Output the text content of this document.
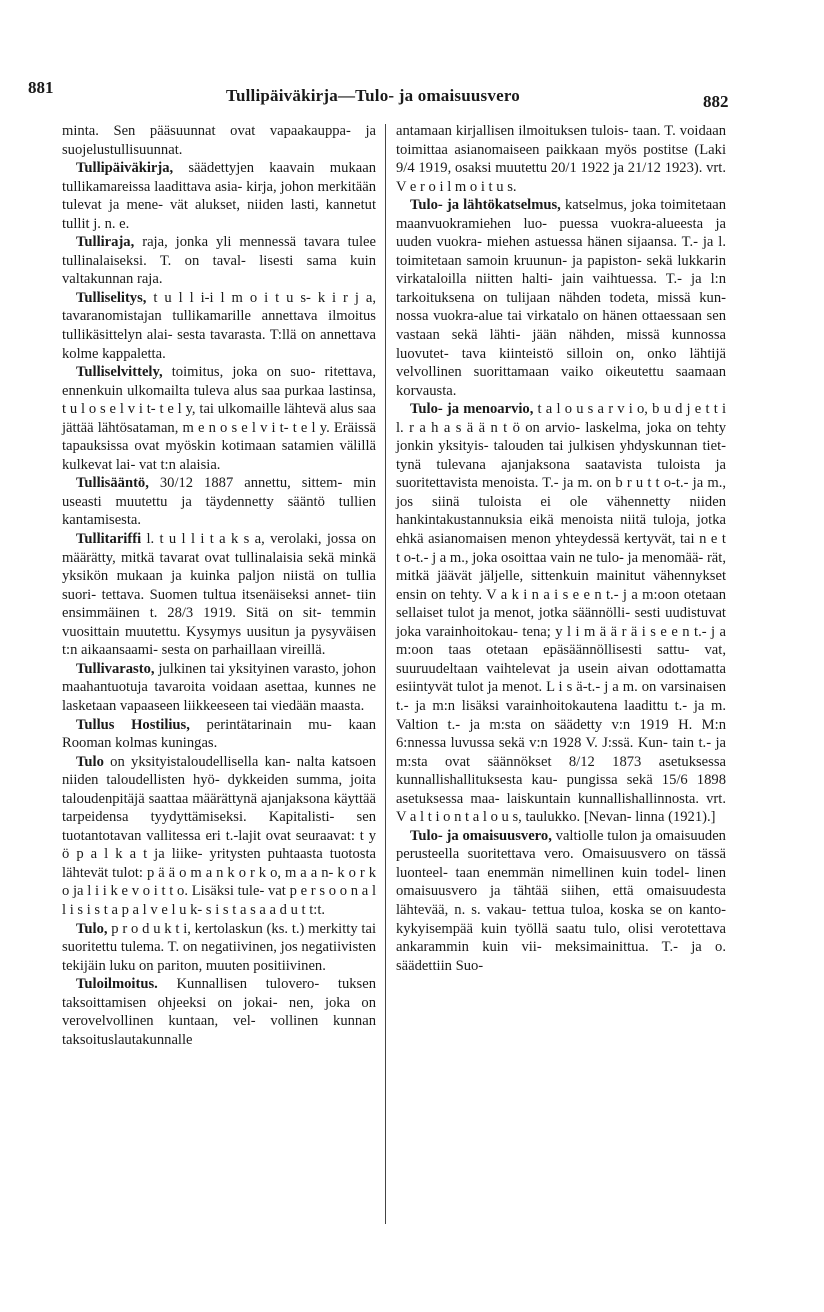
881	Tullipäiväkirja—Tulo- ja omaisuusvero	882

minta. Sen pääsuunnat ovat vapaakauppa- ja suojelustullisuunnat.

Tullipäiväkirja, säädettyjen kaavain mukaan tullikamareissa laadittava asia- kirja, johon merkitään tulevat ja mene- vät alukset, niiden lasti, kannetut tullit j. n. e.

Tulliraja, raja, jonka yli mennessä tavara tulee tullinalaiseksi. T. on taval- lisesti sama kuin valtakunnan raja.

Tulliselitys, t u l l i-i l m o i t u s- k i r j a, tavaranomistajan tullikamarille annettava ilmoitus tullikäsittelyn alai- sesta tavarasta. T:llä on annettava kolme kappaletta.

Tulliselvittely, toimitus, joka on suo- ritettava, ennenkuin ulkomailta tuleva alus saa purkaa lastinsa, t u l o s e l v i t- t e l y, tai ulkomaille lähtevä alus saa jättää lähtösataman, m e n o s e l v i t- t e l y. Eräissä tapauksissa ovat myöskin kotimaan satamien välillä kulkevat lai- vat t:n alaisia.

Tullisääntö, 30/12 1887 annettu, sittem- min useasti muutettu ja täydennetty sääntö tullien kantamisesta.

Tullitariffi l. t u l l i t a k s a, verolaki, jossa on määrätty, mitkä tavarat ovat tullinalaisia sekä minkä yksikön mukaan ja kuinka paljon niistä on tullia suori- tettava. Suomen tultua itsenäiseksi annet- tiin ensimmäinen t. 28/3 1919. Sitä on sit- temmin vuosittain muutettu. Kysymys uusitun ja pysyväisen t:n aikaansaami- sesta on parhaillaan vireillä.

Tullivarasto, julkinen tai yksityinen varasto, johon maahantuotuja tavaroita voidaan asettaa, kunnes ne lasketaan vapaaseen liikkeeseen tai viedään maasta.

Tullus Hostilius, perintätarinain mu- kaan Rooman kolmas kuningas.

Tulo on yksityistaloudellisella kan- nalta katsoen niiden taloudellisten hyö- dykkeiden summa, joita taloudenpitäjä saattaa määrättynä ajanjaksona käyttää tarpeidensa tyydyttämiseksi. Kapitalisti- sen tuotantotavan vallitessa eri t.-lajit ovat seuraavat: t y ö p a l k a t ja liike- yritysten puhtaasta tuotosta lähtevät tulot: p ä ä o m a n k o r k o, m a a n- k o r k o ja l i i k e v o i t t o. Lisäksi tule- vat p e r s o o n a l l i s i s t a p a l v e l u k- s i s t a s a a d u t t:t.

Tulo, p r o d u k t i, kertolaskun (ks. t.) merkitty tai suoritettu tulema. T. on negatiivinen, jos negatiivisten tekijäin luku on pariton, muuten positiivinen.

Tuloilmoitus. Kunnallisen tulovero- tuksen taksoittamisen ohjeeksi on jokai- nen, joka on verovelvollinen kuntaan, vel- vollinen kunnan taksoituslautakunnalle

antamaan kirjallisen ilmoituksen tulois- taan. T. voidaan toimittaa asianomaiseen paikkaan myös postitse (Laki 9/4 1919, osaksi muutettu 20/1 1922 ja 21/12 1923). vrt. V e r o i l m o i t u s.

Tulo- ja lähtökatselmus, katselmus, joka toimitetaan maanvuokramiehen luo- puessa vuokra-alueesta ja uuden vuokra- miehen astuessa hänen sijaansa. T.- ja l. toimitetaan samoin kruunun- ja papiston- sekä lukkarin virkataloilla niitten halti- jain vaihtuessa. T.- ja l:n tarkoituksena on tulijaan nähden todeta, missä kun- nossa vuokra-alue tai virkatalo on hänen ottaessaan sen vastaan sekä lähti- jään nähden, missä kunnossa luovutet- tava kiinteistö silloin on, onko lähtijä velvollinen suorittamaan vaiko oikeutettu saamaan korvausta.

Tulo- ja menoarvio, t a l o u s a r v i o, b u d j e t t i l. r a h a s ä ä n t ö on arvio- laskelma, joka on tehty jonkin yksityis- talouden tai julkisen yhdyskunnan tiet- tynä tulevana ajanjaksona saatavista tuloista ja suoritettavista menoista. T.- ja m. on b r u t t o-t.- ja m., jos siinä tuloista ei ole vähennetty niiden hankintakustannuksia eikä menoista niitä tuloja, jotka ehkä asianomaisen menon yhteydessä kertyvät, tai n e t t o-t.- j a m., joka osoittaa vain ne tulo- ja menomää- rät, mitkä jäävät jäljelle, sittenkuin mainitut vähennykset ensin on tehty. V a k i n a i s e e n t.- j a m:oon otetaan sellaiset tulot ja menot, jotka säännölli- sesti uudistuvat joka varainhoitokau- tena; y l i m ä ä r ä i s e e n t.- j a m:oon taas otetaan epäsäännöllisesti sattu- vat, suuruudeltaan vaihtelevat ja usein aivan odottamatta esiintyvät tulot ja menot. L i s ä-t.- j a m. on varsinaisen t.- ja m:n lisäksi varainhoitokautena laadittu t.- ja m. Valtion t.- ja m:sta on säädetty v:n 1919 H. M:n 6:nnessa luvussa sekä v:n 1928 V. J:ssä. Kun- tain t.- ja m:sta ovat säännökset 8/12 1873 asetuksessa kunnallishallituksesta kau- pungissa sekä 15/6 1898 asetuksessa maa- laiskuntain kunnallishallinnosta. vrt. V a l t i o n t a l o u s, taulukko. [Nevan- linna (1921).]

Tulo- ja omaisuusvero, valtiolle tulon ja omaisuuden perusteella suoritettava vero. Omaisuusvero on tässä luonteel- taan enemmän nimellinen kuin todel- linen omaisuusvero ja tähtää siihen, että omaisuudesta lähtevää, n. s. vakau- tettua tuloa, koska se on kanto- kykyisempää kuin työllä saatu tulo, olisi verotettava ankarammin kuin vii- meksimainittua. T.- ja o. säädettiin Suo-
